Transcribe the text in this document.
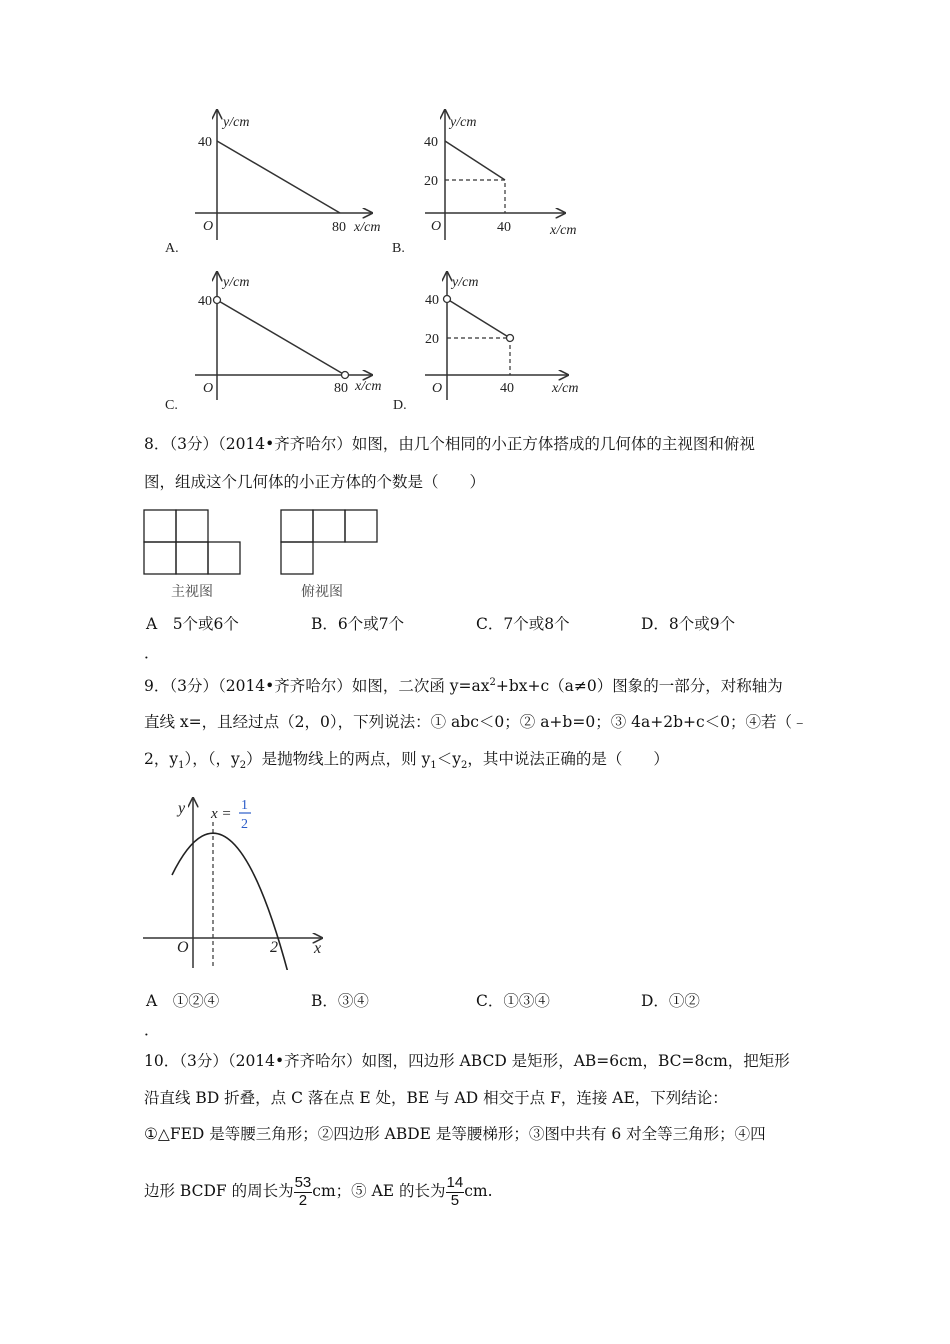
y/cm
40
O	80 x/cm
A.
y/cm
40
20
O	40	x/cm
B.
y/cm
40
O	80 x/cm
C.
y/cm
40
20
O	40	x/cm
D.
y x =
1
2
O	2 x
8．（3分）（2014•齐齐哈尔）如图，由几个相同的小正方体搭成的几何体的主视图和俯视
图，组成这个几何体的小正方体的个数是（　　）
主视图	俯视图
A　5个或6个	B．6个或7个	C．7个或8个	D．8个或9个
．
9．（3分）（2014•齐齐哈尔）如图，二次函 $y=ax^2+bx+c(a\ne 0)$图象的一部分，对称轴为
直线 x=，且经过点（2，0），下列说法：① abc＜0；② a+b=0；③ 4a+2b+c＜0；④若（﹣
2，$y_1$），（，$y_2$）是抛物线上的两点，则 $y_1<y_2$，其中说法正确的是（　　）
A　①②④	B．③④	C．①③④	D．①②
．
10．（3分）（2014•齐齐哈尔）如图，四边形 ABCD 是矩形，AB=6cm，BC=8cm，把矩形
沿直线 BD 折叠，点 C 落在点 E 处，BE 与 AD 相交于点 F，连接 AE，下列结论：
①△FED 是等腰三角形；②四边形 ABDE 是等腰梯形；③图中共有 6 对全等三角形；④四
边形 BCDF 的周长为 $\frac{53}{2}$ cm；⑤ AE 的长为 $\frac{14}{5}$ cm.
